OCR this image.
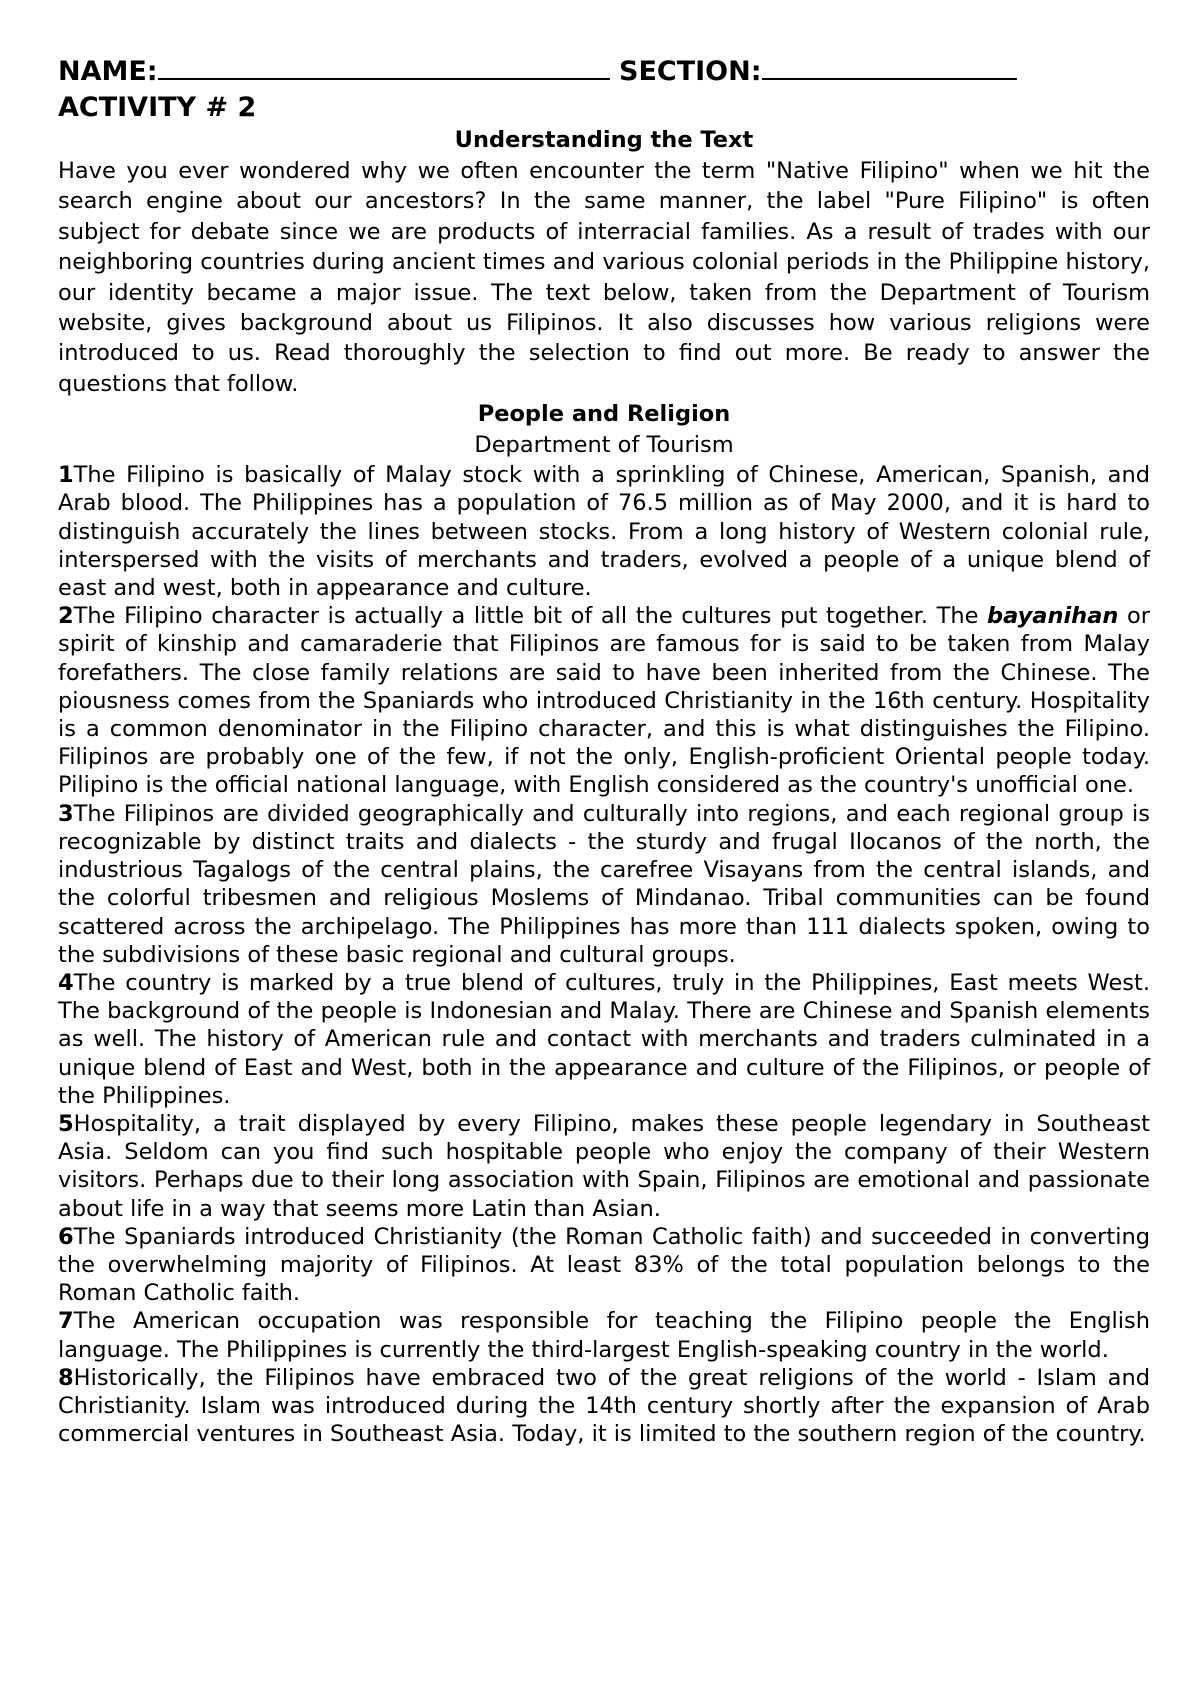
NAME:	SECTION:
ACTIVITY # 2
Understanding the Text

Have you ever wondered why we often encounter the term "Native Filipino" when we hit the search engine about our ancestors? In the same manner, the label "Pure Filipino" is often subject for debate since we are products of interracial families. As a result of trades with our neighboring countries during ancient times and various colonial periods in the Philippine history, our identity became a major issue. The text below, taken from the Department of Tourism website, gives background about us Filipinos. It also discusses how various religions were introduced to us. Read thoroughly the selection to find out more. Be ready to answer the questions that follow.

People and Religion
Department of Tourism

1The Filipino is basically of Malay stock with a sprinkling of Chinese, American, Spanish, and Arab blood. The Philippines has a population of 76.5 million as of May 2000, and it is hard to distinguish accurately the lines between stocks. From a long history of Western colonial rule, interspersed with the visits of merchants and traders, evolved a people of a unique blend of east and west, both in appearance and culture.

2The Filipino character is actually a little bit of all the cultures put together. The bayanihan or spirit of kinship and camaraderie that Filipinos are famous for is said to be taken from Malay forefathers. The close family relations are said to have been inherited from the Chinese. The piousness comes from the Spaniards who introduced Christianity in the 16th century. Hospitality is a common denominator in the Filipino character, and this is what distinguishes the Filipino. Filipinos are probably one of the few, if not the only, English-proficient Oriental people today. Pilipino is the official national language, with English considered as the country's unofficial one.

3The Filipinos are divided geographically and culturally into regions, and each regional group is recognizable by distinct traits and dialects - the sturdy and frugal Ilocanos of the north, the industrious Tagalogs of the central plains, the carefree Visayans from the central islands, and the colorful tribesmen and religious Moslems of Mindanao. Tribal communities can be found scattered across the archipelago. The Philippines has more than 111 dialects spoken, owing to the subdivisions of these basic regional and cultural groups.

4The country is marked by a true blend of cultures, truly in the Philippines, East meets West. The background of the people is Indonesian and Malay. There are Chinese and Spanish elements as well. The history of American rule and contact with merchants and traders culminated in a unique blend of East and West, both in the appearance and culture of the Filipinos, or people of the Philippines.

5Hospitality, a trait displayed by every Filipino, makes these people legendary in Southeast Asia. Seldom can you find such hospitable people who enjoy the company of their Western visitors. Perhaps due to their long association with Spain, Filipinos are emotional and passionate about life in a way that seems more Latin than Asian.

6The Spaniards introduced Christianity (the Roman Catholic faith) and succeeded in converting the overwhelming majority of Filipinos. At least 83% of the total population belongs to the Roman Catholic faith.

7The American occupation was responsible for teaching the Filipino people the English language. The Philippines is currently the third-largest English-speaking country in the world.

8Historically, the Filipinos have embraced two of the great religions of the world - Islam and Christianity. Islam was introduced during the 14th century shortly after the expansion of Arab commercial ventures in Southeast Asia. Today, it is limited to the southern region of the country.
